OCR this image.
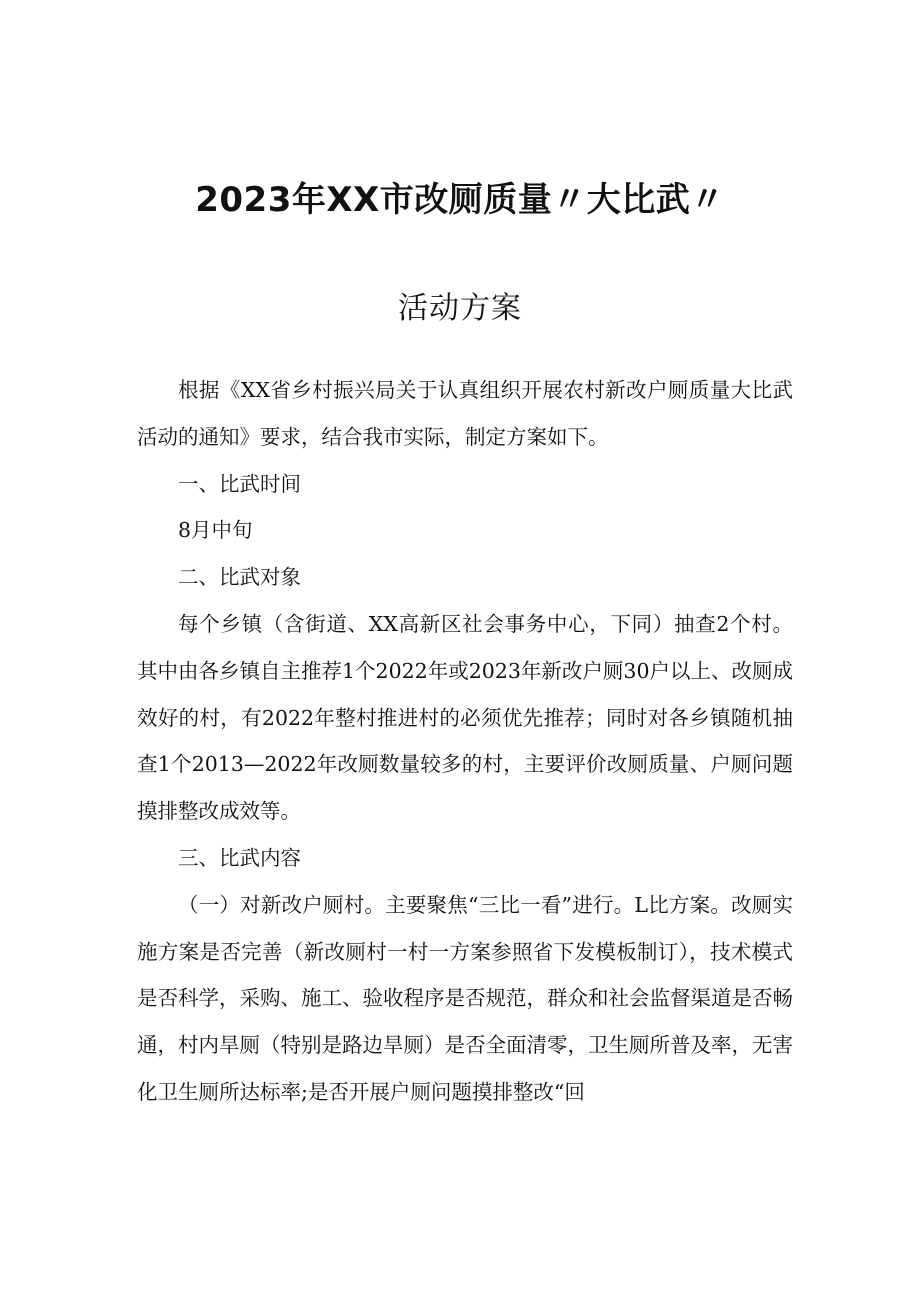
2023年XX市改厕质量〃大比武〃
活动方案

根据《XX省乡村振兴局关于认真组织开展农村新改户厕质量大比武活动的通知》要求，结合我市实际，制定方案如下。

一、比武时间

8月中旬

二、比武对象

每个乡镇（含街道、XX高新区社会事务中心，下同）抽查2个村。其中由各乡镇自主推荐1个2022年或2023年新改户厕30户以上、改厕成效好的村，有2022年整村推进村的必须优先推荐；同时对各乡镇随机抽查1个2013—2022年改厕数量较多的村，主要评价改厕质量、户厕问题摸排整改成效等。

三、比武内容

（一）对新改户厕村。主要聚焦“三比一看”进行。L比方案。改厕实施方案是否完善（新改厕村一村一方案参照省下发模板制订），技术模式是否科学，采购、施工、验收程序是否规范，群众和社会监督渠道是否畅通，村内旱厕（特别是路边旱厕）是否全面清零，卫生厕所普及率，无害化卫生厕所达标率;是否开展户厕问题摸排整改“回
